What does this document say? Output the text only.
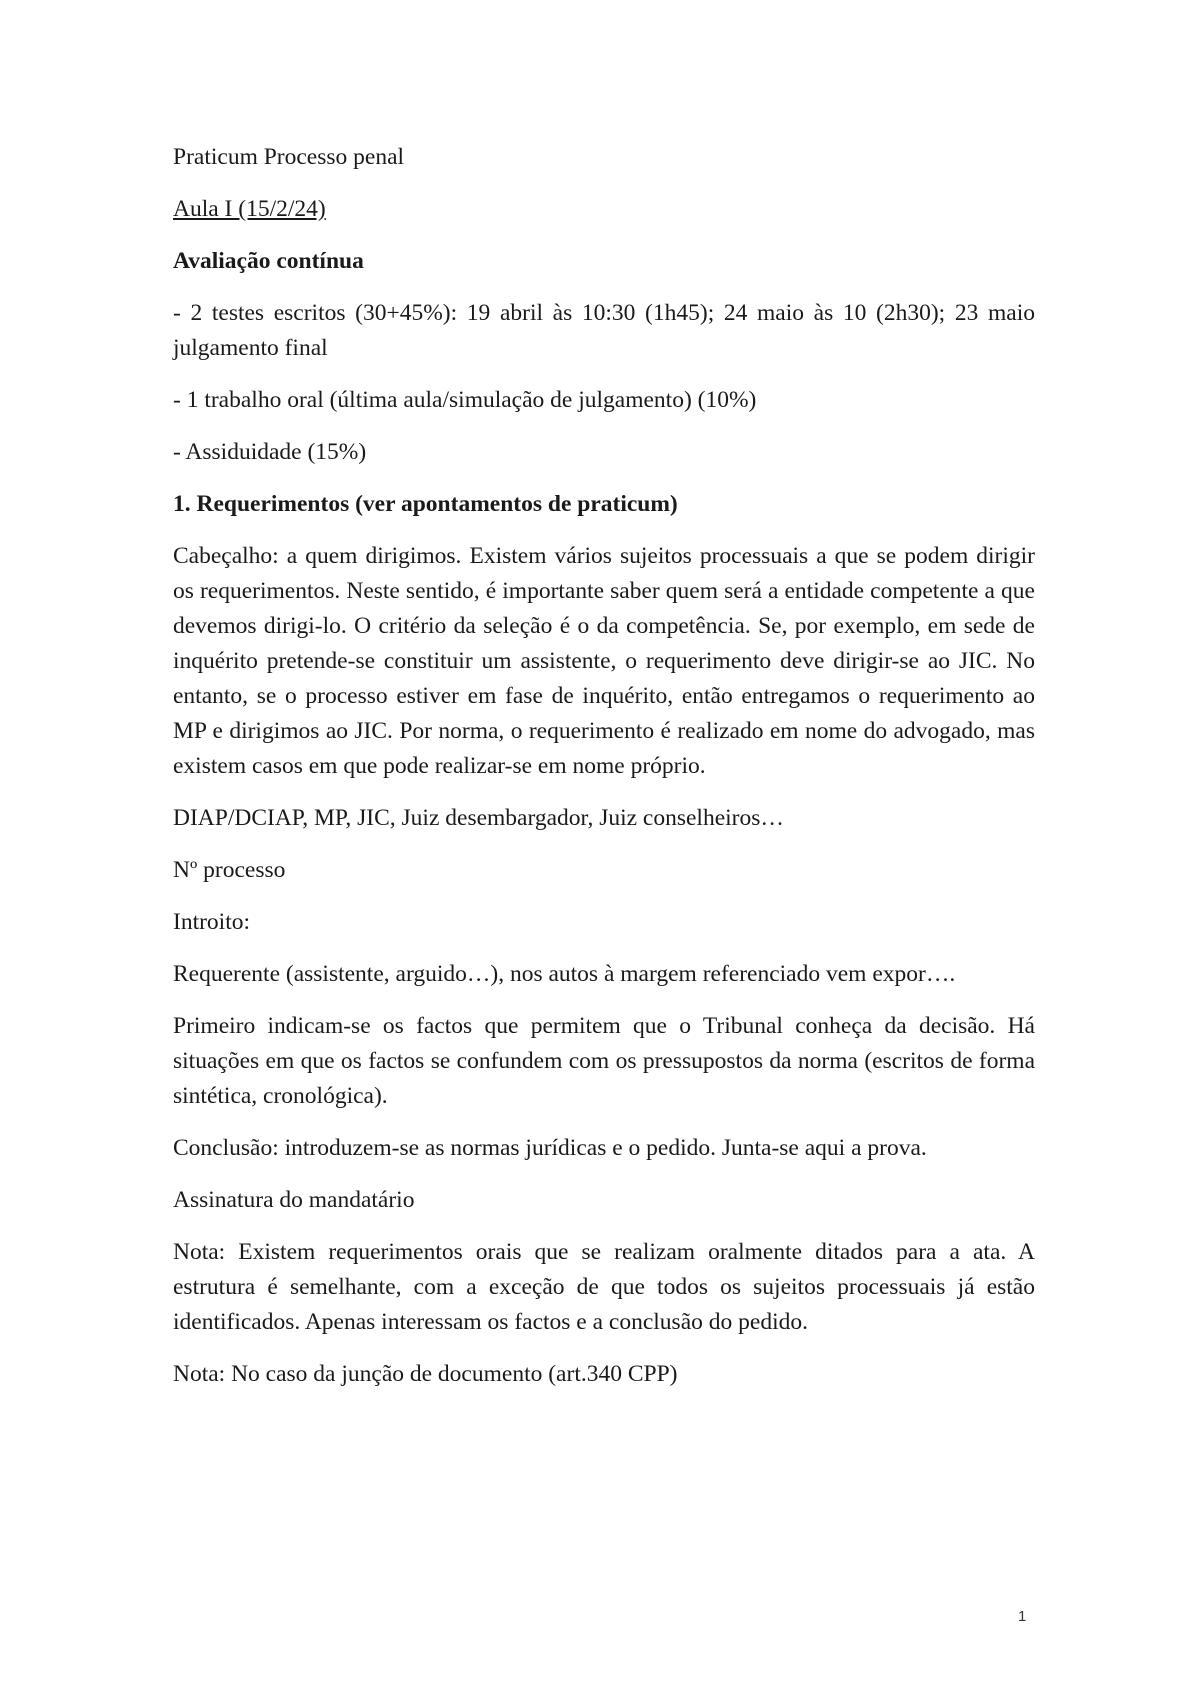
Praticum Processo penal

Aula I (15/2/24)

Avaliação contínua

- 2 testes escritos (30+45%): 19 abril às 10:30 (1h45); 24 maio às 10 (2h30); 23 maio julgamento final

- 1 trabalho oral (última aula/simulação de julgamento) (10%)

- Assiduidade (15%)

1. Requerimentos (ver apontamentos de praticum)

Cabeçalho: a quem dirigimos. Existem vários sujeitos processuais a que se podem dirigir os requerimentos. Neste sentido, é importante saber quem será a entidade competente a que devemos dirigi-lo. O critério da seleção é o da competência. Se, por exemplo, em sede de inquérito pretende-se constituir um assistente, o requerimento deve dirigir-se ao JIC. No entanto, se o processo estiver em fase de inquérito, então entregamos o requerimento ao MP e dirigimos ao JIC. Por norma, o requerimento é realizado em nome do advogado, mas existem casos em que pode realizar-se em nome próprio.

DIAP/DCIAP, MP, JIC, Juiz desembargador, Juiz conselheiros…

Nº processo

Introito:

Requerente (assistente, arguido…), nos autos à margem referenciado vem expor….

Primeiro indicam-se os factos que permitem que o Tribunal conheça da decisão. Há situações em que os factos se confundem com os pressupostos da norma (escritos de forma sintética, cronológica).

Conclusão: introduzem-se as normas jurídicas e o pedido. Junta-se aqui a prova.

Assinatura do mandatário

Nota: Existem requerimentos orais que se realizam oralmente ditados para a ata. A estrutura é semelhante, com a exceção de que todos os sujeitos processuais já estão identificados. Apenas interessam os factos e a conclusão do pedido.

Nota: No caso da junção de documento (art.340 CPP)

1
